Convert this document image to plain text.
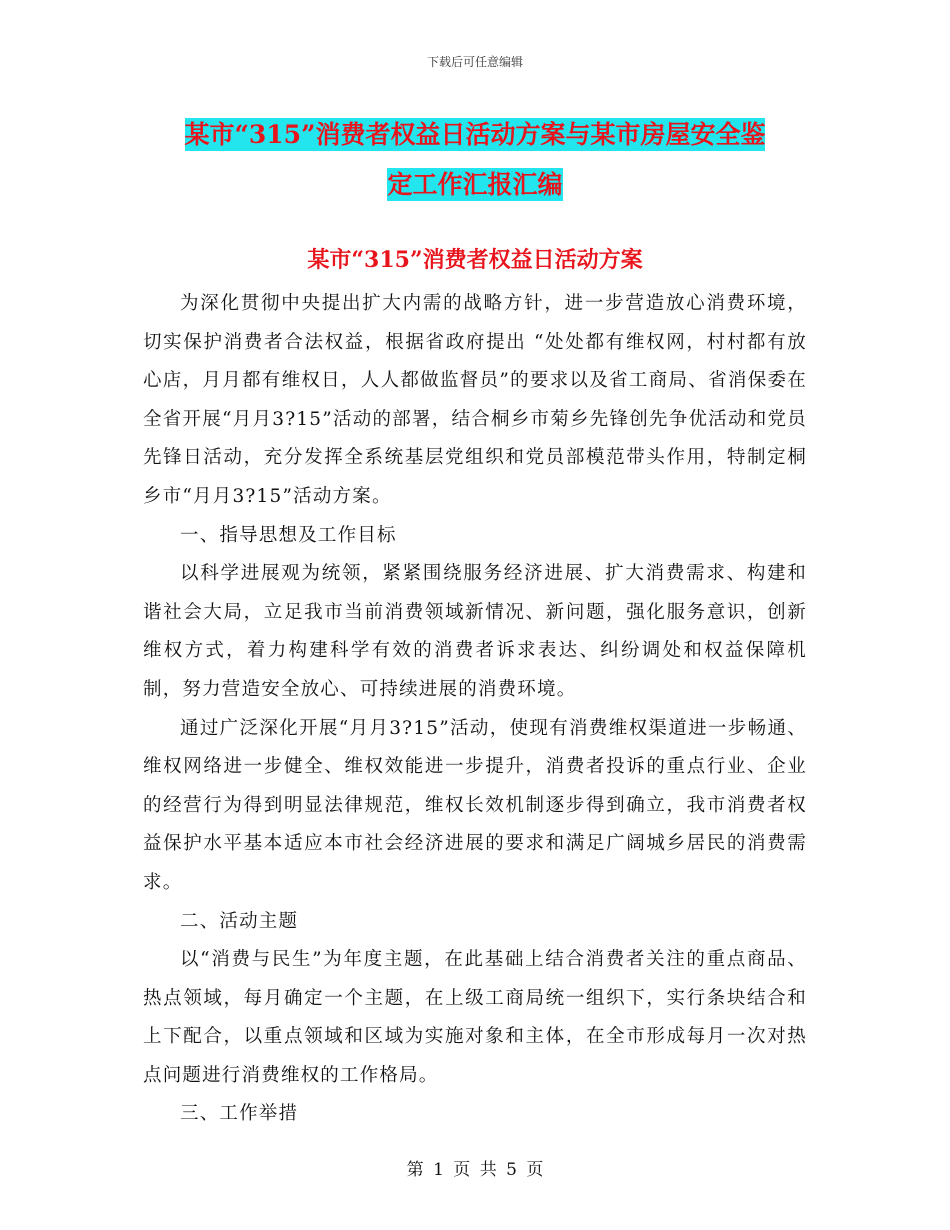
下载后可任意编辑
某市“315”消费者权益日活动方案与某市房屋安全鉴
定工作汇报汇编
某市“315”消费者权益日活动方案

为深化贯彻中央提出扩大内需的战略方针，进一步营造放心消费环境，切实保护消费者合法权益，根据省政府提出 “处处都有维权网，村村都有放心店，月月都有维权日，人人都做监督员”的要求以及省工商局、省消保委在全省开展“月月3?15”活动的部署，结合桐乡市菊乡先锋创先争优活动和党员先锋日活动，充分发挥全系统基层党组织和党员部模范带头作用，特制定桐乡市“月月3?15”活动方案。

一、指导思想及工作目标

以科学进展观为统领，紧紧围绕服务经济进展、扩大消费需求、构建和谐社会大局，立足我市当前消费领域新情况、新问题，强化服务意识，创新维权方式，着力构建科学有效的消费者诉求表达、纠纷调处和权益保障机制，努力营造安全放心、可持续进展的消费环境。

通过广泛深化开展“月月3?15”活动，使现有消费维权渠道进一步畅通、维权网络进一步健全、维权效能进一步提升，消费者投诉的重点行业、企业的经营行为得到明显法律规范，维权长效机制逐步得到确立，我市消费者权益保护水平基本适应本市社会经济进展的要求和满足广阔城乡居民的消费需求。

二、活动主题

以“消费与民生”为年度主题，在此基础上结合消费者关注的重点商品、热点领域，每月确定一个主题，在上级工商局统一组织下，实行条块结合和上下配合，以重点领域和区域为实施对象和主体，在全市形成每月一次对热点问题进行消费维权的工作格局。

三、工作举措

第 1 页 共 5 页
